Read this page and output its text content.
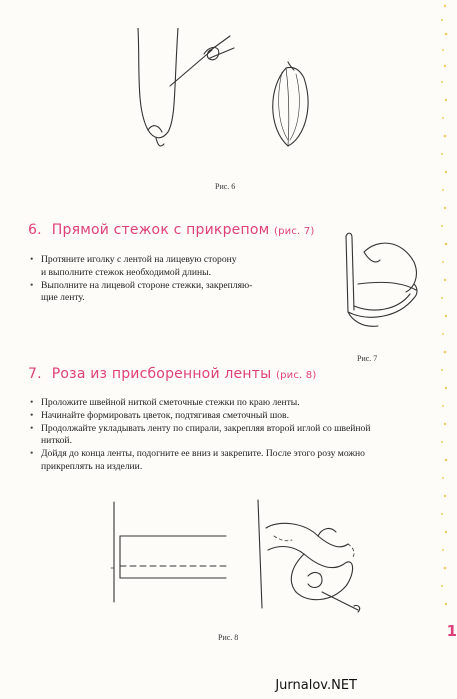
Рис. 6
6. Прямой стежок с прикрепом (рис. 7)
• Протяните иголку с лентой на лицевую сторону
и выполните стежок необходимой длины.
• Выполните на лицевой стороне стежки, закрепляю-
щие ленту.
Рис. 7
7. Роза из присборенной ленты (рис. 8)
• Проложите швейной ниткой сметочные стежки по краю ленты.
• Начинайте формировать цветок, подтягивая сметочный шов.
• Продолжайте укладывать ленту по спирали, закрепляя второй иглой со швейной
ниткой.
• Дойдя до конца ленты, подогните ее вниз и закрепите. После этого розу можно
прикреплять на изделии.
Рис. 8	1
Jurnalov.NET
